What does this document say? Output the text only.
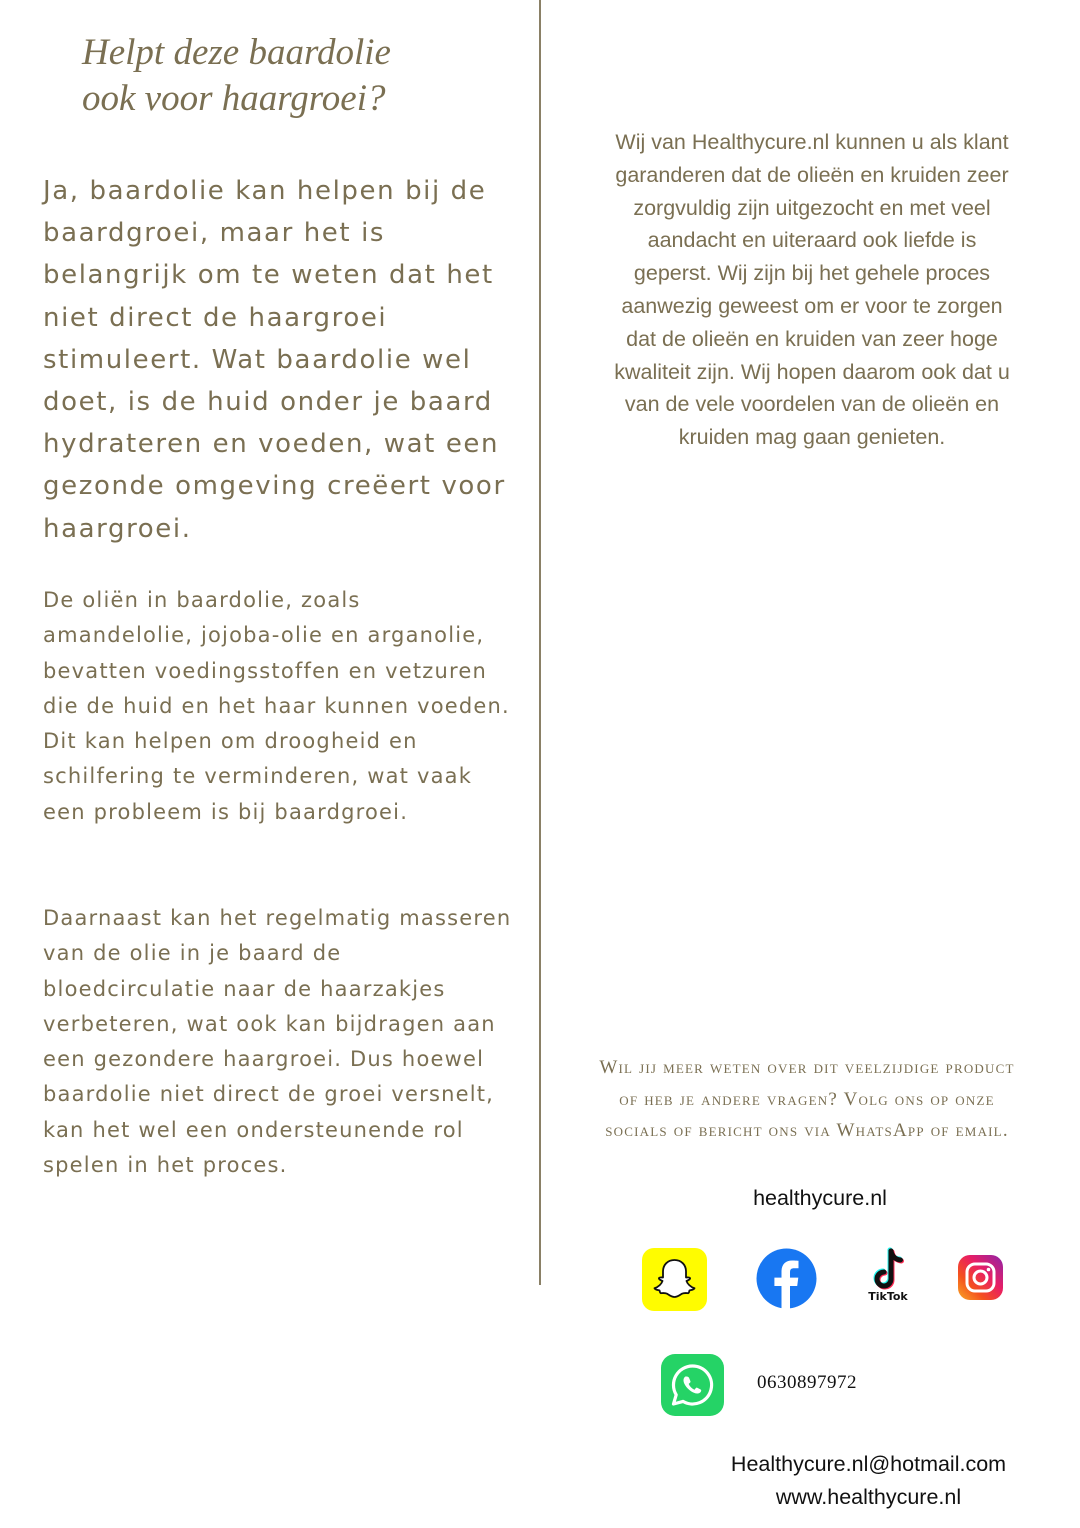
Helpt deze baardolie
ook voor haargroei?

Ja, baardolie kan helpen bij de baardgroei, maar het is belangrijk om te weten dat het niet direct de haargroei stimuleert. Wat baardolie wel doet, is de huid onder je baard hydrateren en voeden, wat een gezonde omgeving creëert voor haargroei.

De oliën in baardolie, zoals amandelolie, jojoba-olie en arganolie, bevatten voedingsstoffen en vetzuren die de huid en het haar kunnen voeden. Dit kan helpen om droogheid en schilfering te verminderen, wat vaak een probleem is bij baardgroei.

Daarnaast kan het regelmatig masseren van de olie in je baard de bloedcirculatie naar de haarzakjes verbeteren, wat ook kan bijdragen aan een gezondere haargroei. Dus hoewel baardolie niet direct de groei versnelt, kan het wel een ondersteunende rol spelen in het proces.

Wij van Healthycure.nl kunnen u als klant garanderen dat de olieën en kruiden zeer zorgvuldig zijn uitgezocht en met veel aandacht en uiteraard ook liefde is geperst. Wij zijn bij het gehele proces aanwezig geweest om er voor te zorgen dat de olieën en kruiden van zeer hoge kwaliteit zijn. Wij hopen daarom ook dat u van de vele voordelen van de olieën en kruiden mag gaan genieten.

Wil jij meer weten over dit veelzijdige product of heb je andere vragen? Volg ons op onze socials of bericht ons via WhatsApp of email.

healthycure.nl
TikTok
0630897972
Healthycure.nl@hotmail.com
www.healthycure.nl
